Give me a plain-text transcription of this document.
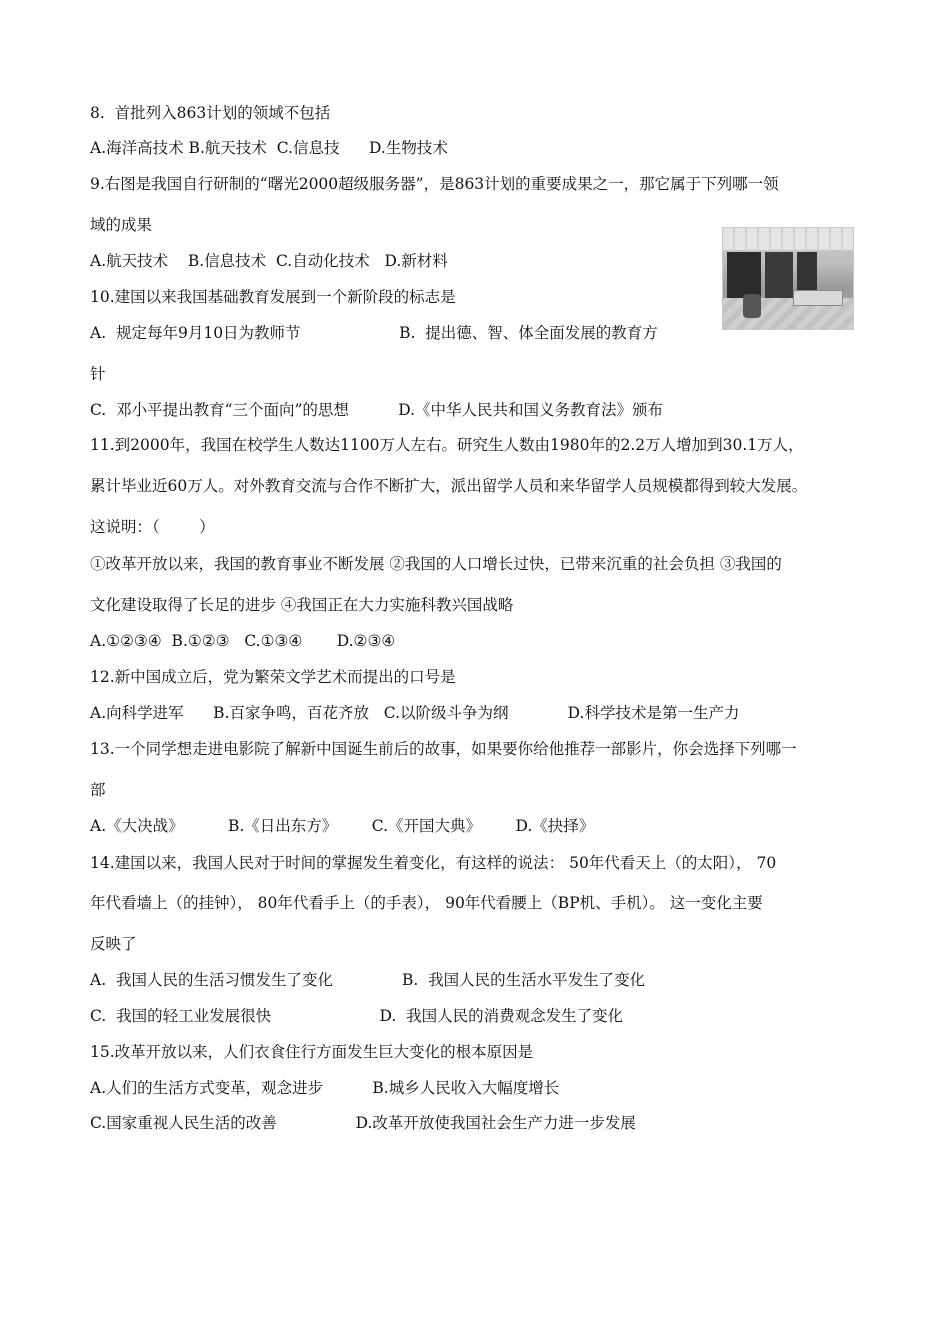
8.  首批列入863计划的领域不包括
A.海洋高技术 B.航天技术  C.信息技      D.生物技术
9.右图是我国自行研制的“曙光2000超级服务器”，是863计划的重要成果之一，那它属于下列哪一领
域的成果
A.航天技术    B.信息技术  C.自动化技术   D.新材料
10.建国以来我国基础教育发展到一个新阶段的标志是
A.  规定每年9月10日为教师节                    B.  提出德、智、体全面发展的教育方
针
C.  邓小平提出教育“三个面向”的思想          D.《中华人民共和国义务教育法》颁布
11.到2000年，我国在校学生人数达1100万人左右。研究生人数由1980年的2.2万人增加到30.1万人，
累计毕业近60万人。对外教育交流与合作不断扩大，派出留学人员和来华留学人员规模都得到较大发展。
这说明：（        ）
①改革开放以来，我国的教育事业不断发展 ②我国的人口增长过快，已带来沉重的社会负担 ③我国的
文化建设取得了长足的进步 ④我国正在大力实施科教兴国战略
A.①②③④  B.①②③   C.①③④       D.②③④
12.新中国成立后，党为繁荣文学艺术而提出的口号是
A.向科学进军      B.百家争鸣，百花齐放   C.以阶级斗争为纲            D.科学技术是第一生产力
13.一个同学想走进电影院了解新中国诞生前后的故事，如果要你给他推荐一部影片，你会选择下列哪一
部
A.《大决战》         B.《日出东方》       C.《开国大典》       D.《抉择》
14.建国以来，我国人民对于时间的掌握发生着变化，有这样的说法： 50年代看天上（的太阳）， 70
年代看墙上（的挂钟）， 80年代看手上（的手表）， 90年代看腰上（BP机、手机）。 这一变化主要
反映了
A.  我国人民的生活习惯发生了变化              B.  我国人民的生活水平发生了变化
C.  我国的轻工业发展很快                      D.  我国人民的消费观念发生了变化
15.改革开放以来，人们衣食住行方面发生巨大变化的根本原因是
A.人们的生活方式变革，观念进步          B.城乡人民收入大幅度增长
C.国家重视人民生活的改善                D.改革开放使我国社会生产力进一步发展
